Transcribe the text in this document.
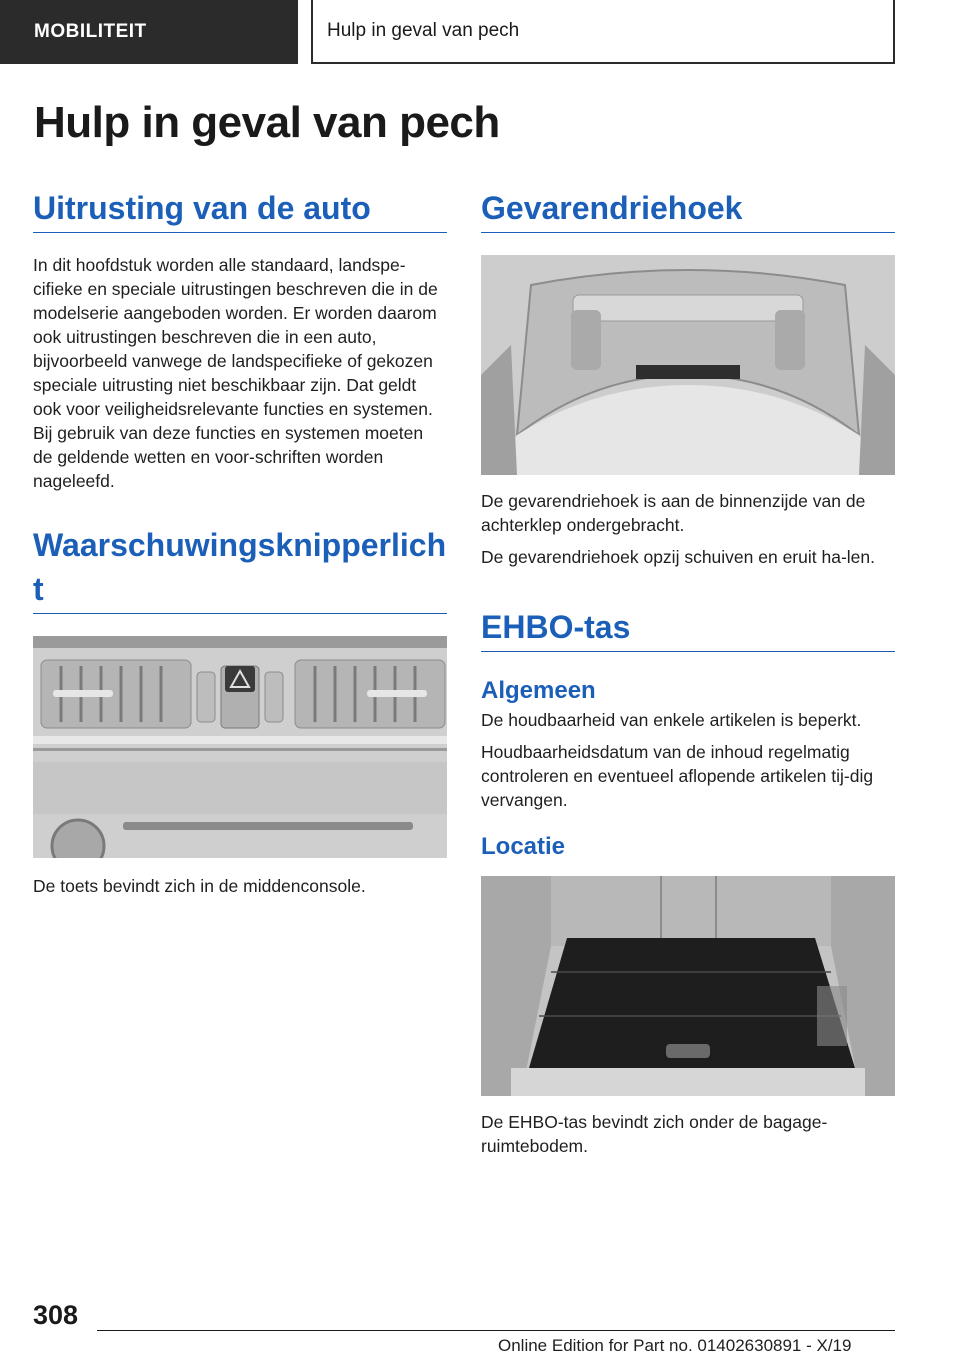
MOBILITEIT	Hulp in geval van pech
Hulp in geval van pech
Uitrusting van de auto

In dit hoofdstuk worden alle standaard, landspe-cifieke en speciale uitrustingen beschreven die in de modelserie aangeboden worden. Er worden daarom ook uitrustingen beschreven die in een auto, bijvoorbeeld vanwege de landspecifieke of gekozen speciale uitrusting niet beschikbaar zijn. Dat geldt ook voor veiligheidsrelevante functies en systemen. Bij gebruik van deze functies en systemen moeten de geldende wetten en voor-schriften worden nageleefd.

Waarschuwingsknipperlicht

De toets bevindt zich in de middenconsole.

Gevarendriehoek

De gevarendriehoek is aan de binnenzijde van de achterklep ondergebracht.

De gevarendriehoek opzij schuiven en eruit ha-len.

EHBO-tas
Algemeen

De houdbaarheid van enkele artikelen is beperkt.

Houdbaarheidsdatum van de inhoud regelmatig controleren en eventueel aflopende artikelen tij-dig vervangen.

Locatie

De EHBO-tas bevindt zich onder de bagage-ruimtebodem.

308
Online Edition for Part no. 01402630891 - X/19
